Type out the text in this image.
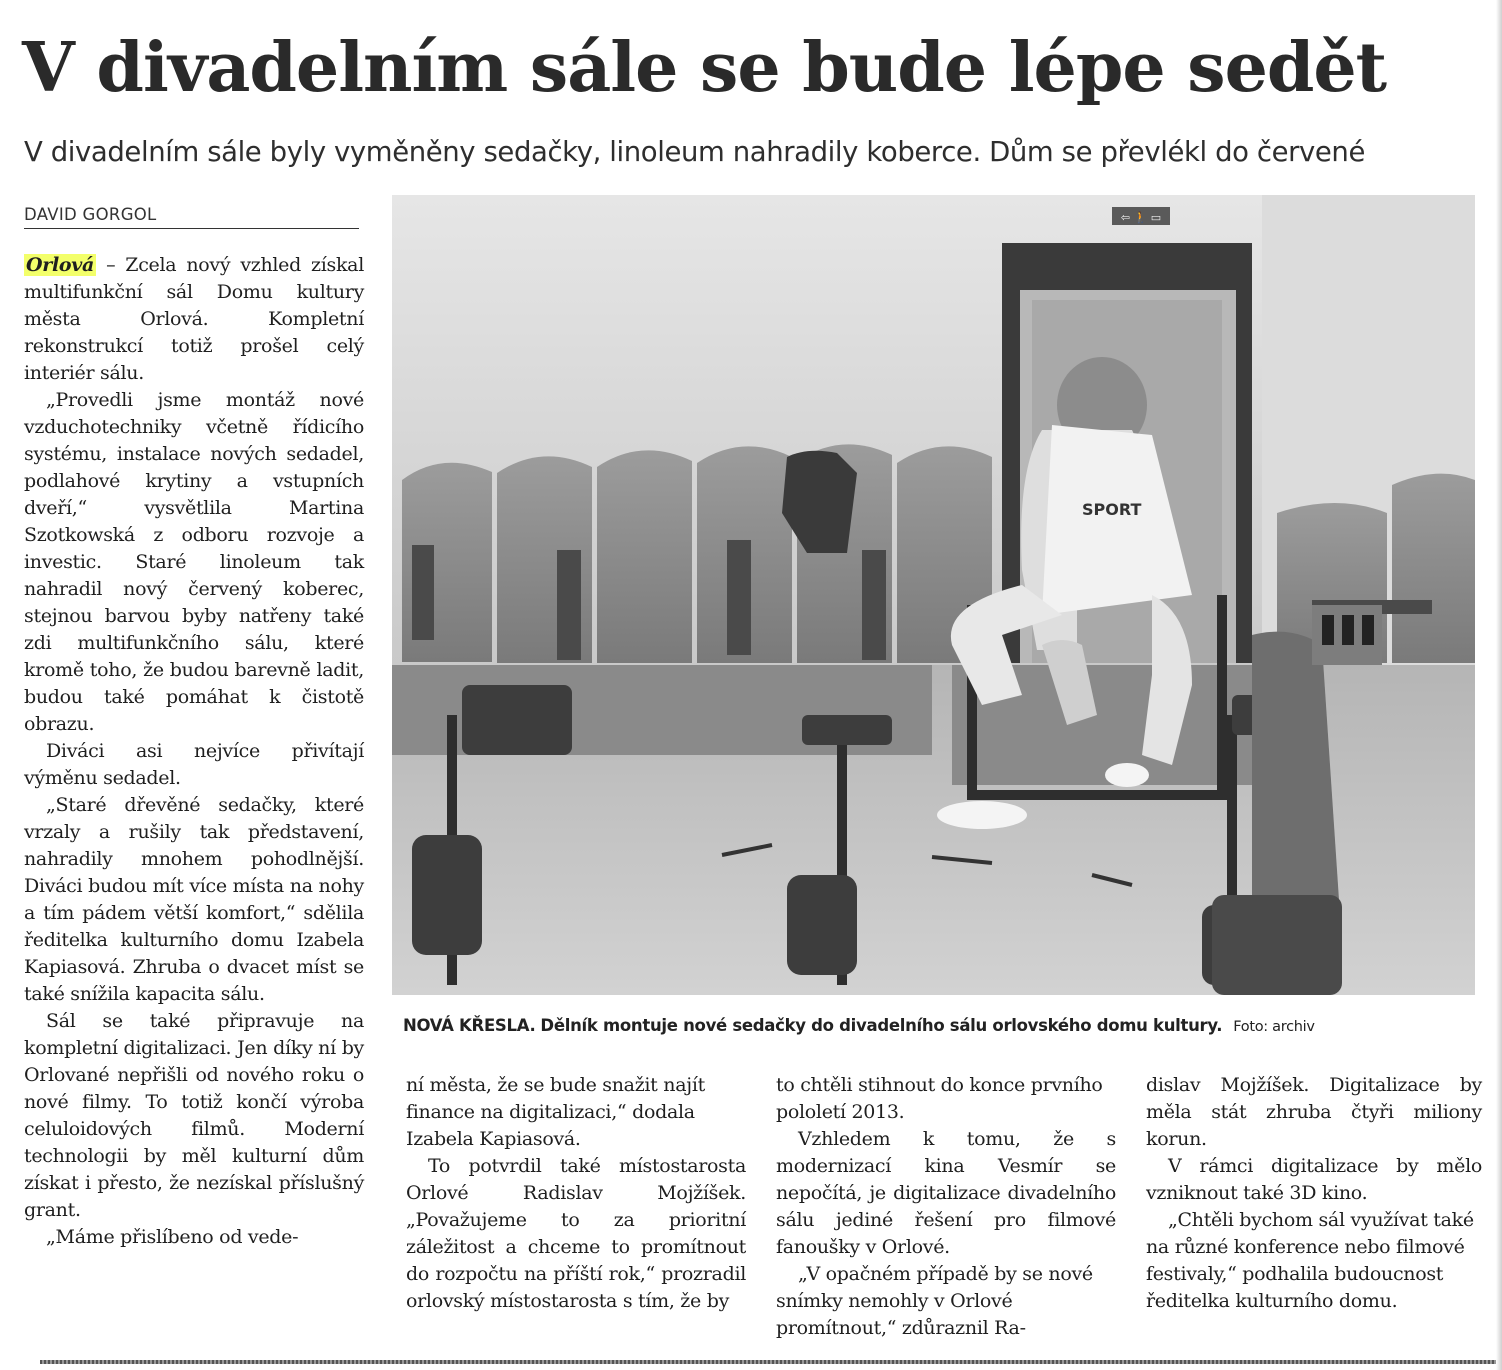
V divadelním sále se bude lépe sedět
V divadelním sále byly vyměněny sedačky, linoleum nahradily koberce. Dům se převlékl do červené
DAVID GORGOL

Orlová – Zcela nový vzhled získal multifunkční sál Domu kultury města Orlová. Kompletní rekonstrukcí totiž prošel celý interiér sálu.

„Provedli jsme montáž nové vzduchotechniky včetně řídicího systému, instalace nových sedadel, podlahové krytiny a vstupních dveří,“ vysvětlila Martina Szotkowská z odboru rozvoje a investic. Staré linoleum tak nahradil nový červený koberec, stejnou barvou byby natřeny také zdi multifunkčního sálu, které kromě toho, že budou barevně ladit, budou také pomáhat k čistotě obrazu.

Diváci asi nejvíce přivítají výměnu sedadel.

„Staré dřevěné sedačky, které vrzaly a rušily tak představení, nahradily mnohem pohodlnější. Diváci budou mít více místa na nohy a tím pádem větší komfort,“ sdělila ředitelka kulturního domu Izabela Kapiasová. Zhruba o dvacet míst se také snížila kapacita sálu.

Sál se také připravuje na kompletní digitalizaci. Jen díky ní by Orlované nepřišli od nového roku o nové filmy. To totiž končí výroba celuloidových filmů. Moderní technologii by měl kulturní dům získat i přesto, že nezískal příslušný grant.

„Máme přislíbeno od vede-

⇦ 🚶 ▭
SPORT
NOVÁ KŘESLA. Dělník montuje nové sedačky do divadelního sálu orlovského domu kultury. Foto: archiv

ní města, že se bude snažit najít finance na digitalizaci,“ dodala Izabela Kapiasová.

To potvrdil také místostarosta Orlové Radislav Mojžíšek. „Považujeme to za prioritní záležitost a chceme to promítnout do rozpočtu na příští rok,“ prozradil orlovský místostarosta s tím, že by

to chtěli stihnout do konce prvního pololetí 2013.

Vzhledem k tomu, že s modernizací kina Vesmír se nepočítá, je digitalizace divadelního sálu jediné řešení pro filmové fanoušky v Orlové.

„V opačném případě by se nové snímky nemohly v Orlové promítnout,“ zdůraznil Ra-

dislav Mojžíšek. Digitalizace by měla stát zhruba čtyři miliony korun.

V rámci digitalizace by mělo vzniknout také 3D kino.

„Chtěli bychom sál využívat také na různé konference nebo filmové festivaly,“ podhalila budoucnost ředitelka kulturního domu.
